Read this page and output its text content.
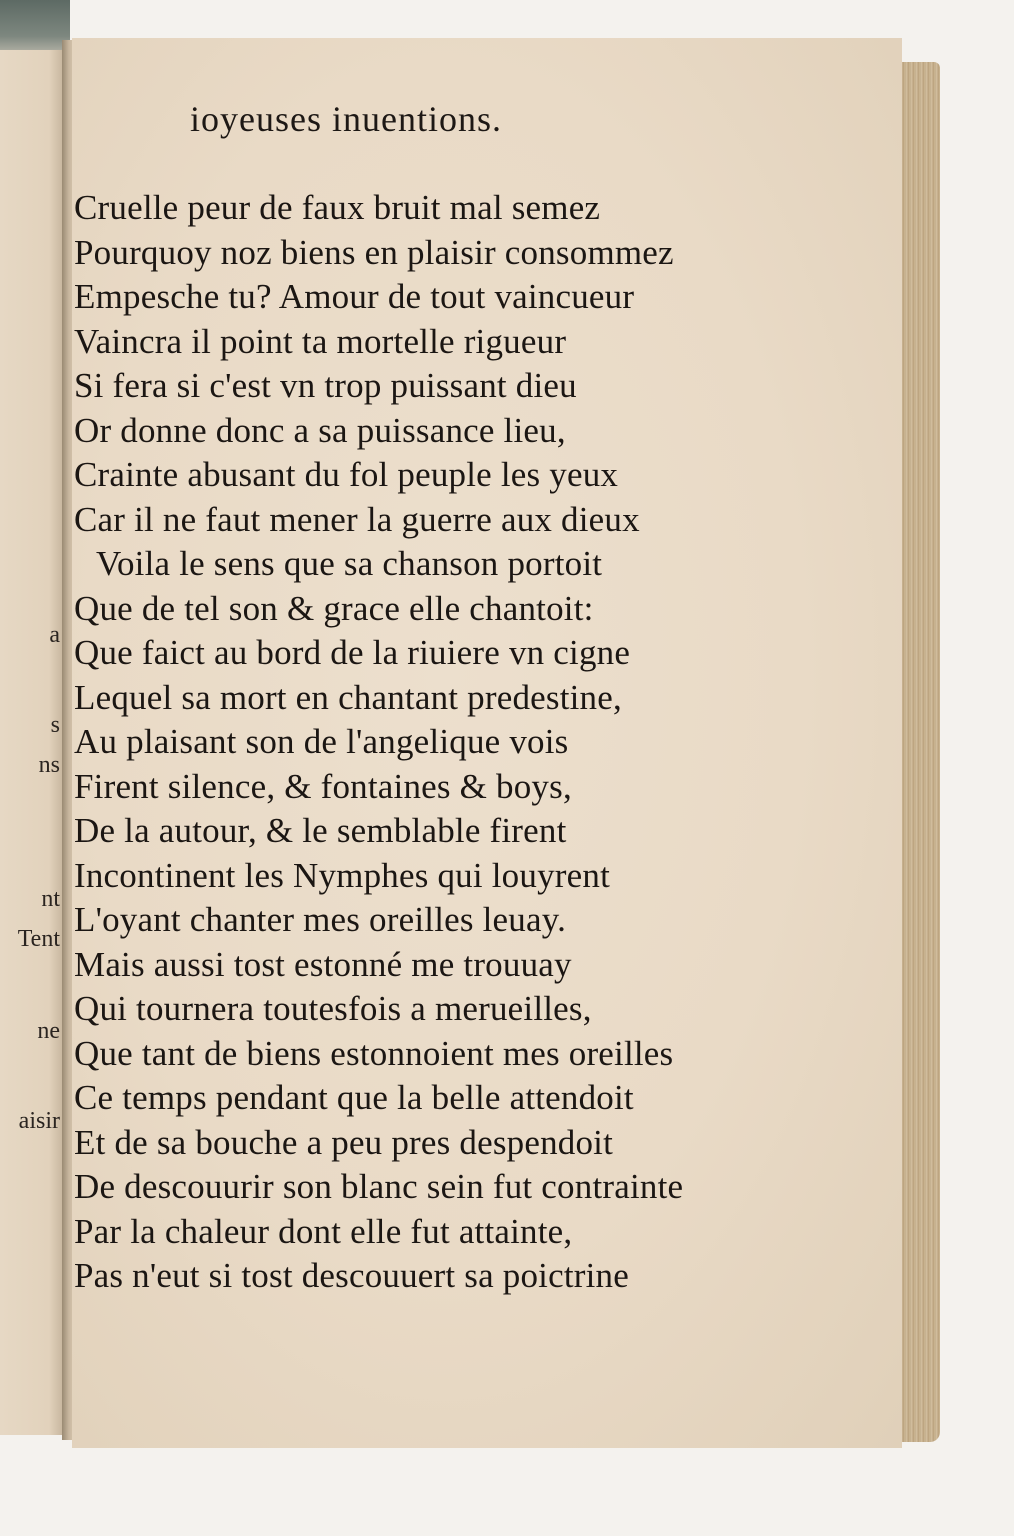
a
s
ns
nt
Tent
ne
aisir
ioyeuses inuentions.
Cruelle peur de faux bruit mal semez
Pourquoy noz biens en plaisir consommez
Empesche tu? Amour de tout vaincueur
Vaincra il point ta mortelle rigueur
Si fera si c'est vn trop puissant dieu
Or donne donc a sa puissance lieu,
Crainte abusant du fol peuple les yeux
Car il ne faut mener la guerre aux dieux
Voila le sens que sa chanson portoit
Que de tel son & grace elle chantoit:
Que faict au bord de la riuiere vn cigne
Lequel sa mort en chantant predestine,
Au plaisant son de l'angelique vois
Firent silence, & fontaines & boys,
De la autour, & le semblable firent
Incontinent les Nymphes qui louyrent
L'oyant chanter mes oreilles leuay.
Mais aussi tost estonné me trouuay
Qui tournera toutesfois a merueilles,
Que tant de biens estonnoient mes oreilles
Ce temps pendant que la belle attendoit
Et de sa bouche a peu pres despendoit
De descouurir son blanc sein fut contrainte
Par la chaleur dont elle fut attainte,
Pas n'eut si tost descouuert sa poictrine
